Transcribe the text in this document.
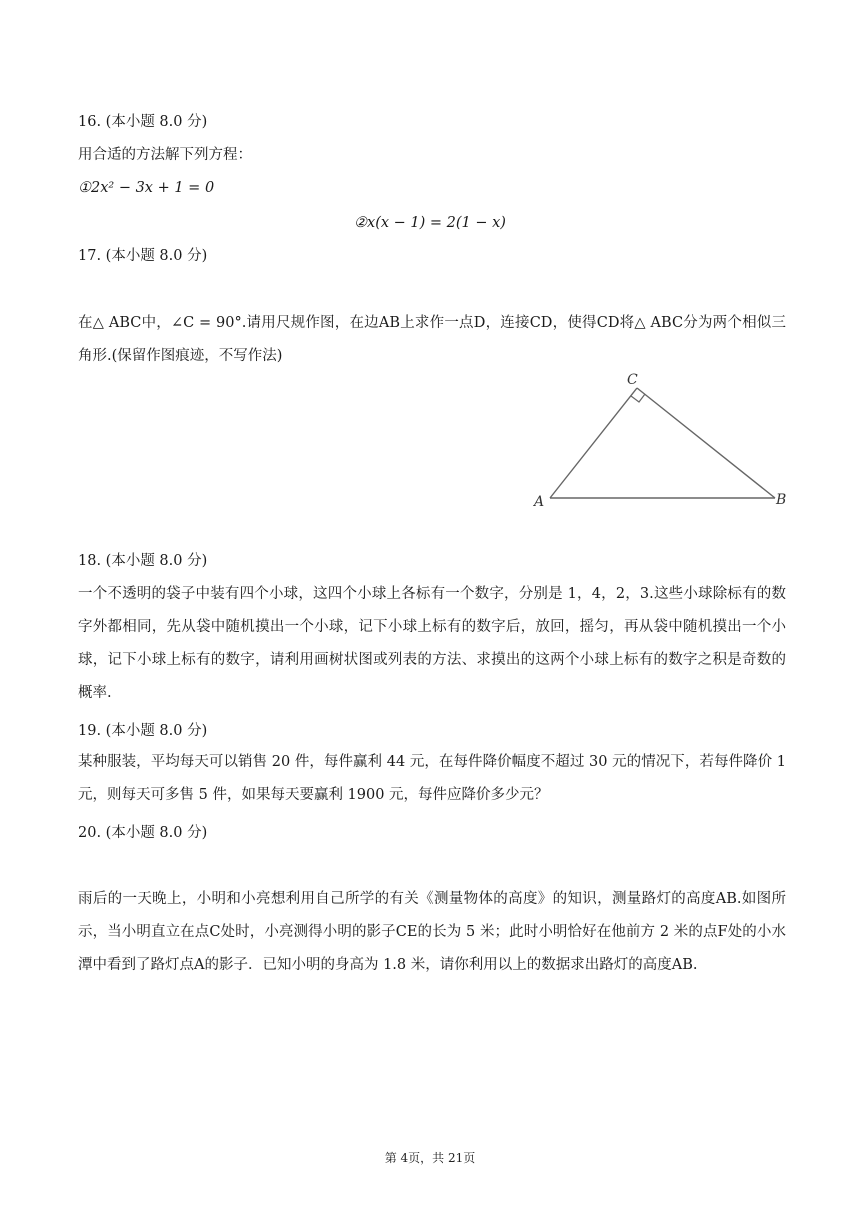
16. (本小题 8.0 分)
用合适的方法解下列方程：
①2x² − 3x + 1 = 0
②x(x − 1) = 2(1 − x)
17. (本小题 8.0 分)
在△ ABC中，∠C = 90°.请用尺规作图，在边AB上求作一点D，连接CD，使得CD将△ ABC分为两个相似三角形.(保留作图痕迹，不写作法)
A	B
C
18. (本小题 8.0 分)
一个不透明的袋子中装有四个小球，这四个小球上各标有一个数字，分别是 1，4，2，3.这些小球除标有的数字外都相同，先从袋中随机摸出一个小球，记下小球上标有的数字后，放回，摇匀，再从袋中随机摸出一个小球，记下小球上标有的数字，请利用画树状图或列表的方法、求摸出的这两个小球上标有的数字之积是奇数的概率.
19. (本小题 8.0 分)
某种服装，平均每天可以销售 20 件，每件赢利 44 元，在每件降价幅度不超过 30 元的情况下，若每件降价 1 元，则每天可多售 5 件，如果每天要赢利 1900 元，每件应降价多少元？
20. (本小题 8.0 分)
雨后的一天晚上，小明和小亮想利用自己所学的有关《测量物体的高度》的知识，测量路灯的高度AB.如图所示，当小明直立在点C处时，小亮测得小明的影子CE的长为 5 米；此时小明恰好在他前方 2 米的点F处的小水潭中看到了路灯点A的影子．已知小明的身高为 1.8 米，请你利用以上的数据求出路灯的高度AB.
第 4页，共 21页
